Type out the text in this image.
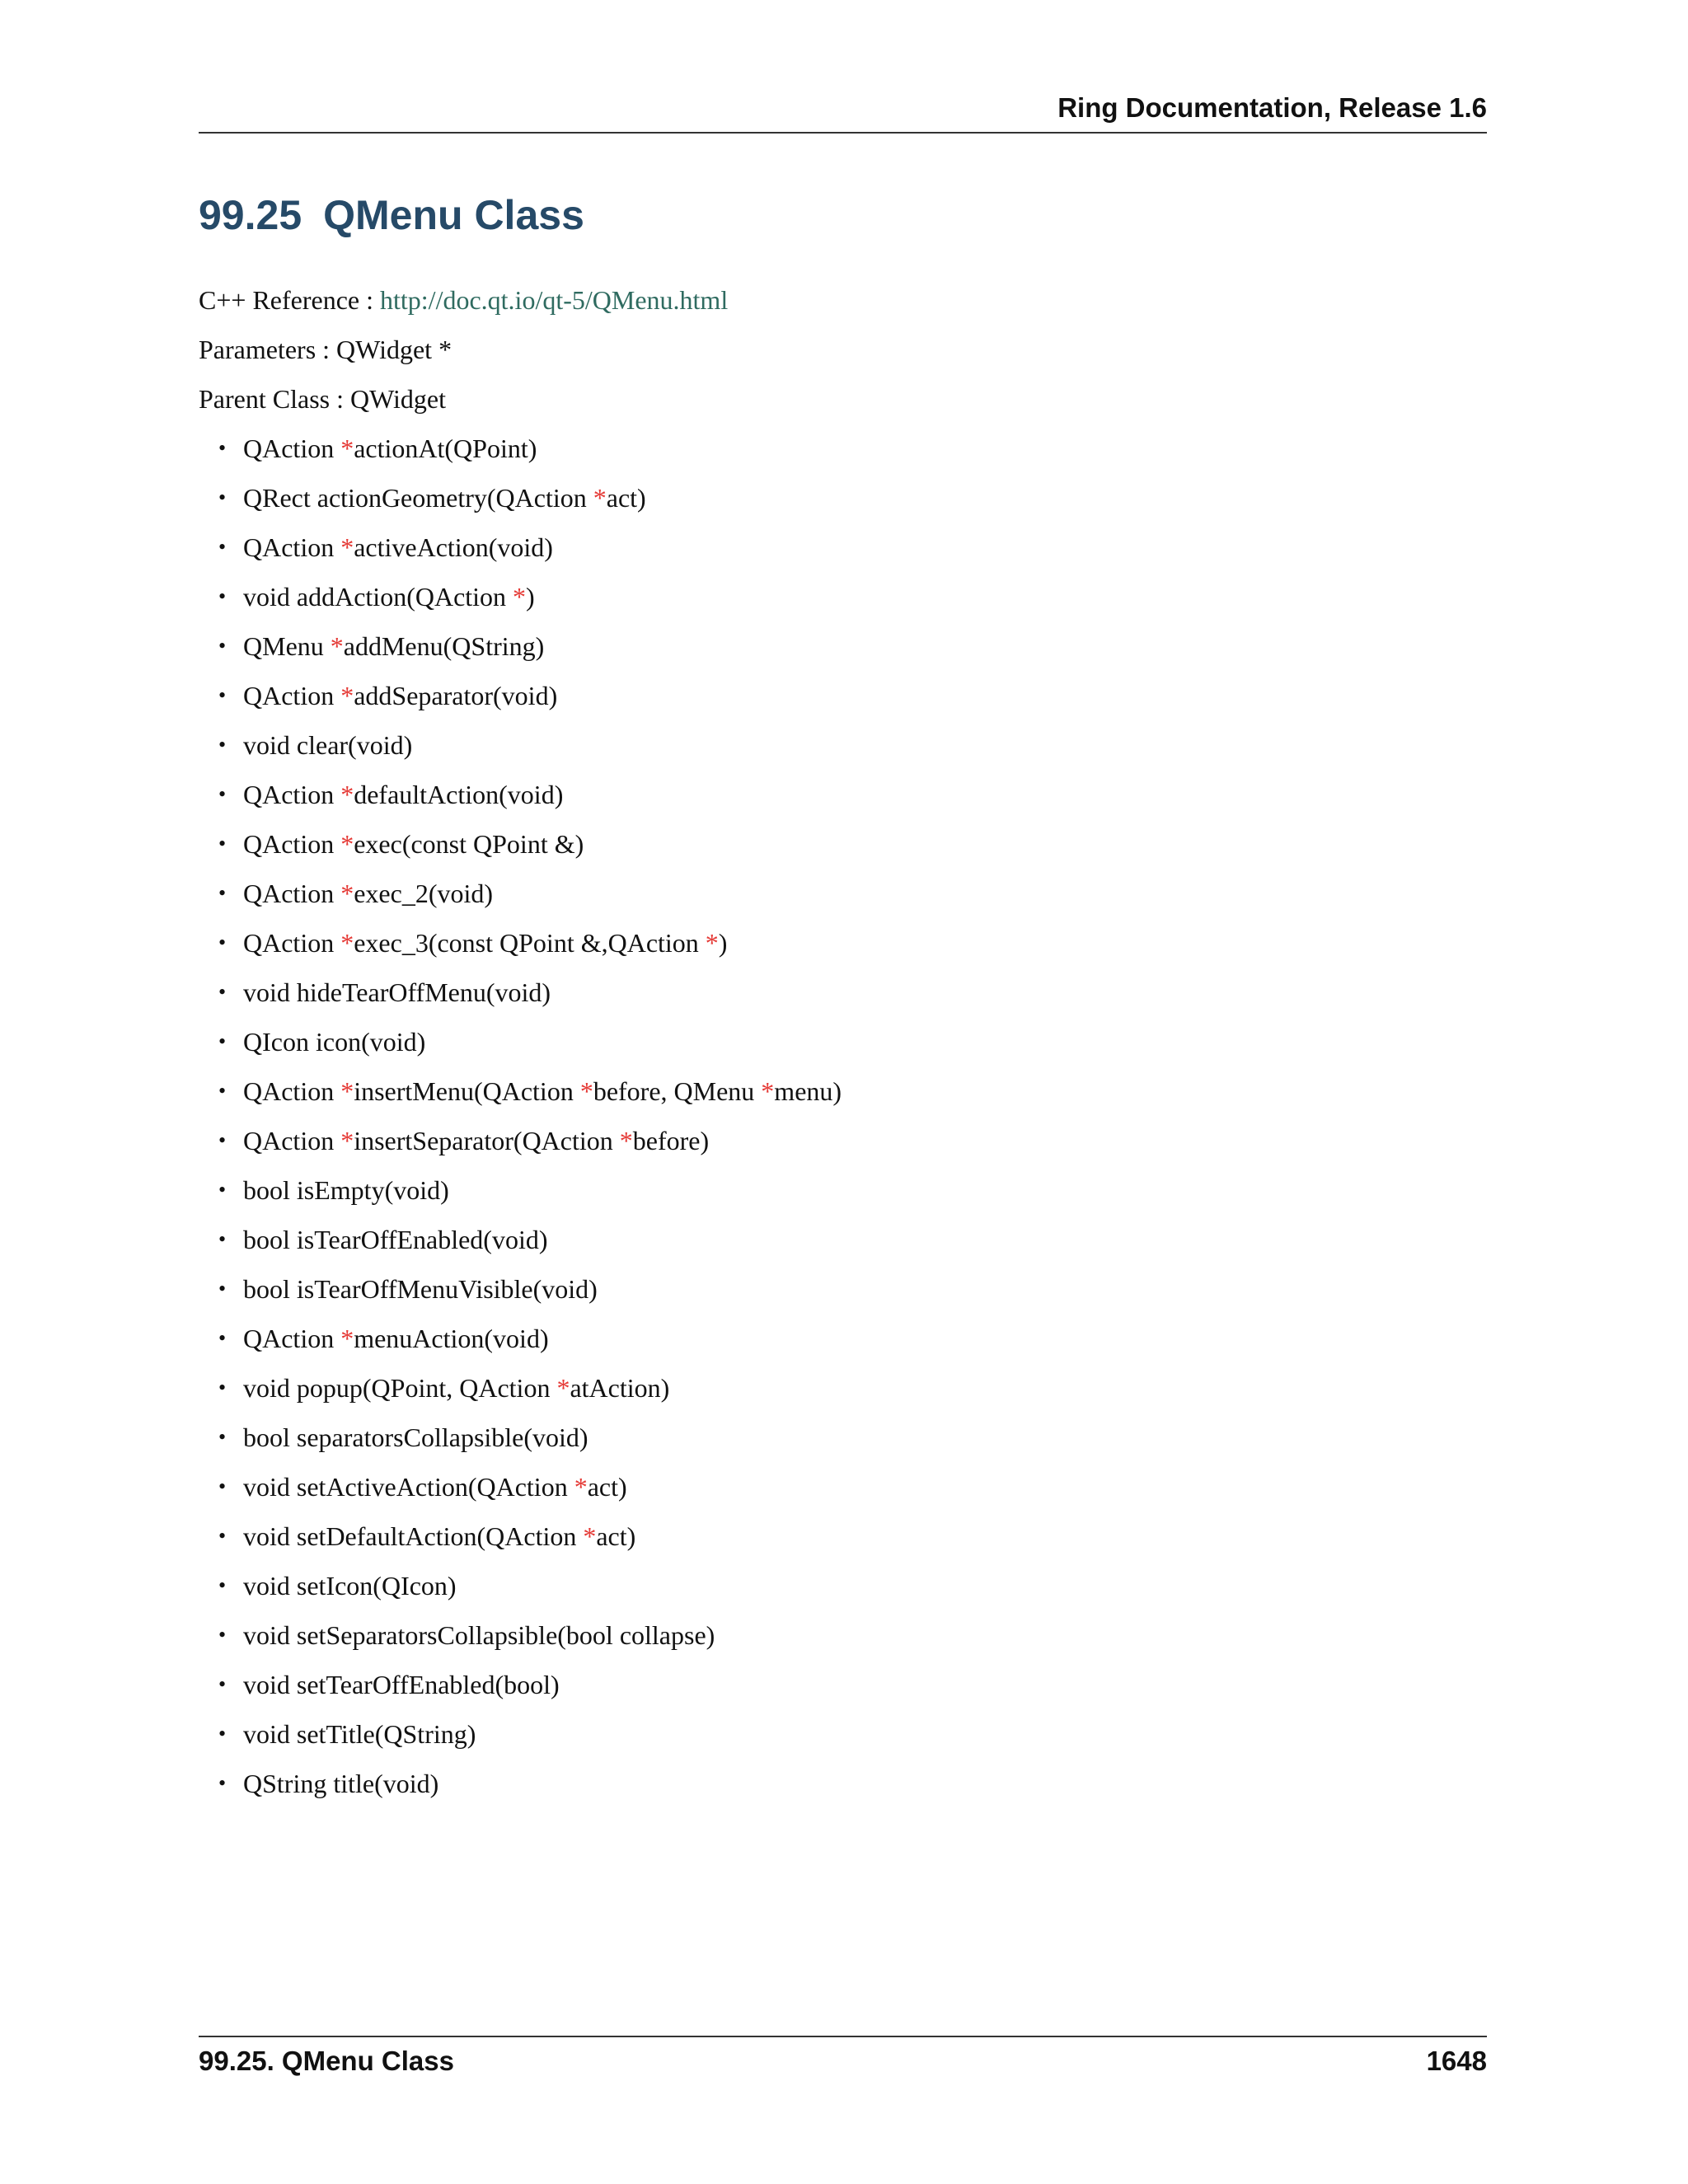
Ring Documentation, Release 1.6
99.25 QMenu Class
C++ Reference : http://doc.qt.io/qt-5/QMenu.html
Parameters : QWidget *
Parent Class : QWidget
• QAction *actionAt(QPoint)
• QRect actionGeometry(QAction *act)
• QAction *activeAction(void)
• void addAction(QAction *)
• QMenu *addMenu(QString)
• QAction *addSeparator(void)
• void clear(void)
• QAction *defaultAction(void)
• QAction *exec(const QPoint &)
• QAction *exec_2(void)
• QAction *exec_3(const QPoint &,QAction *)
• void hideTearOffMenu(void)
• QIcon icon(void)
• QAction *insertMenu(QAction *before, QMenu *menu)
• QAction *insertSeparator(QAction *before)
• bool isEmpty(void)
• bool isTearOffEnabled(void)
• bool isTearOffMenuVisible(void)
• QAction *menuAction(void)
• void popup(QPoint, QAction *atAction)
• bool separatorsCollapsible(void)
• void setActiveAction(QAction *act)
• void setDefaultAction(QAction *act)
• void setIcon(QIcon)
• void setSeparatorsCollapsible(bool collapse)
• void setTearOffEnabled(bool)
• void setTitle(QString)
• QString title(void)
99.25. QMenu Class	1648
